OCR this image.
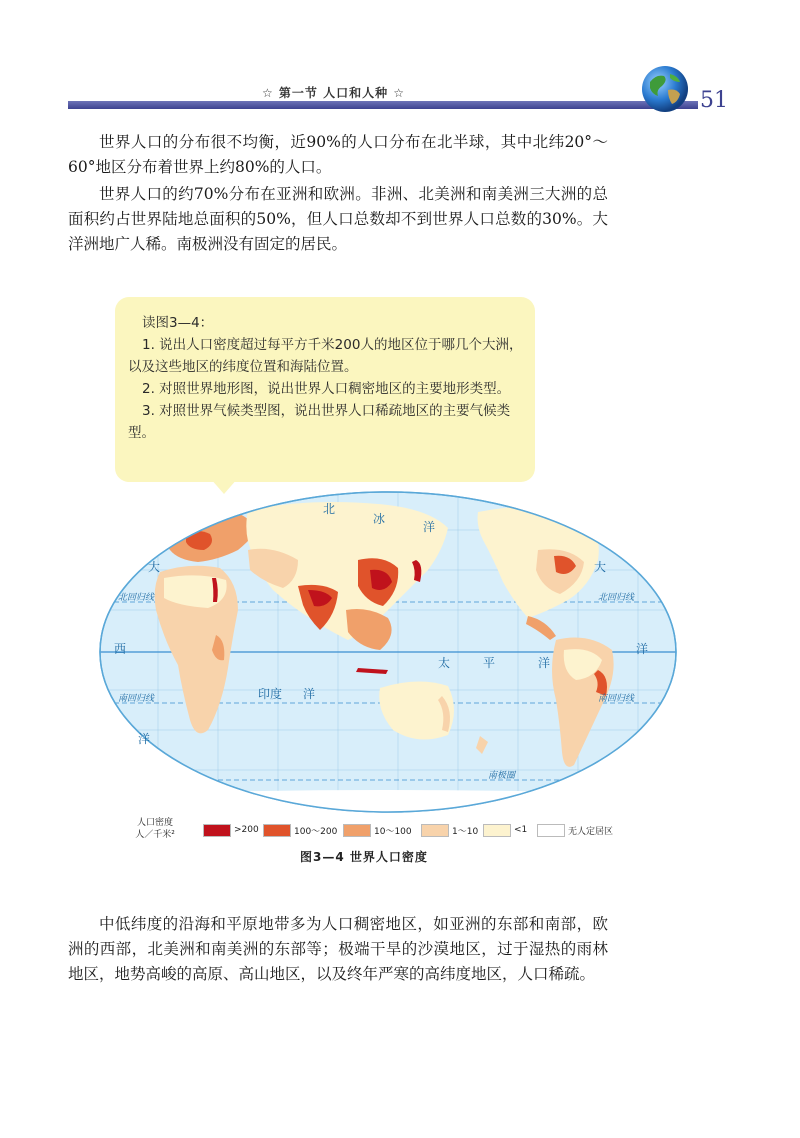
☆ 第一节 人口和人种 ☆	51

世界人口的分布很不均衡，近90%的人口分布在北半球，其中北纬20°～60°地区分布着世界上约80%的人口。

世界人口的约70%分布在亚洲和欧洲。非洲、北美洲和南美洲三大洲的总面积约占世界陆地总面积的50%，但人口总数却不到世界人口总数的30%。大洋洲地广人稀。南极洲没有固定的居民。

读图3—4：
1. 说出人口密度超过每平方千米200人的地区位于哪几个大洲，以及这些地区的纬度位置和海陆位置。
2. 对照世界地形图，说出世界人口稠密地区的主要地形类型。
3. 对照世界气候类型图，说出世界人口稀疏地区的主要气候类型。
北
冰
洋
大	大
西	洋
太	平	洋
印度 洋
洋
北回归线
北回归线
南回归线	南回归线
南极圈
人口密度
人／千米²	>200	100～200	10～100	1～10	<1	无人定居区
图3—4 世界人口密度

中低纬度的沿海和平原地带多为人口稠密地区，如亚洲的东部和南部，欧洲的西部，北美洲和南美洲的东部等；极端干旱的沙漠地区，过于湿热的雨林地区，地势高峻的高原、高山地区，以及终年严寒的高纬度地区，人口稀疏。
